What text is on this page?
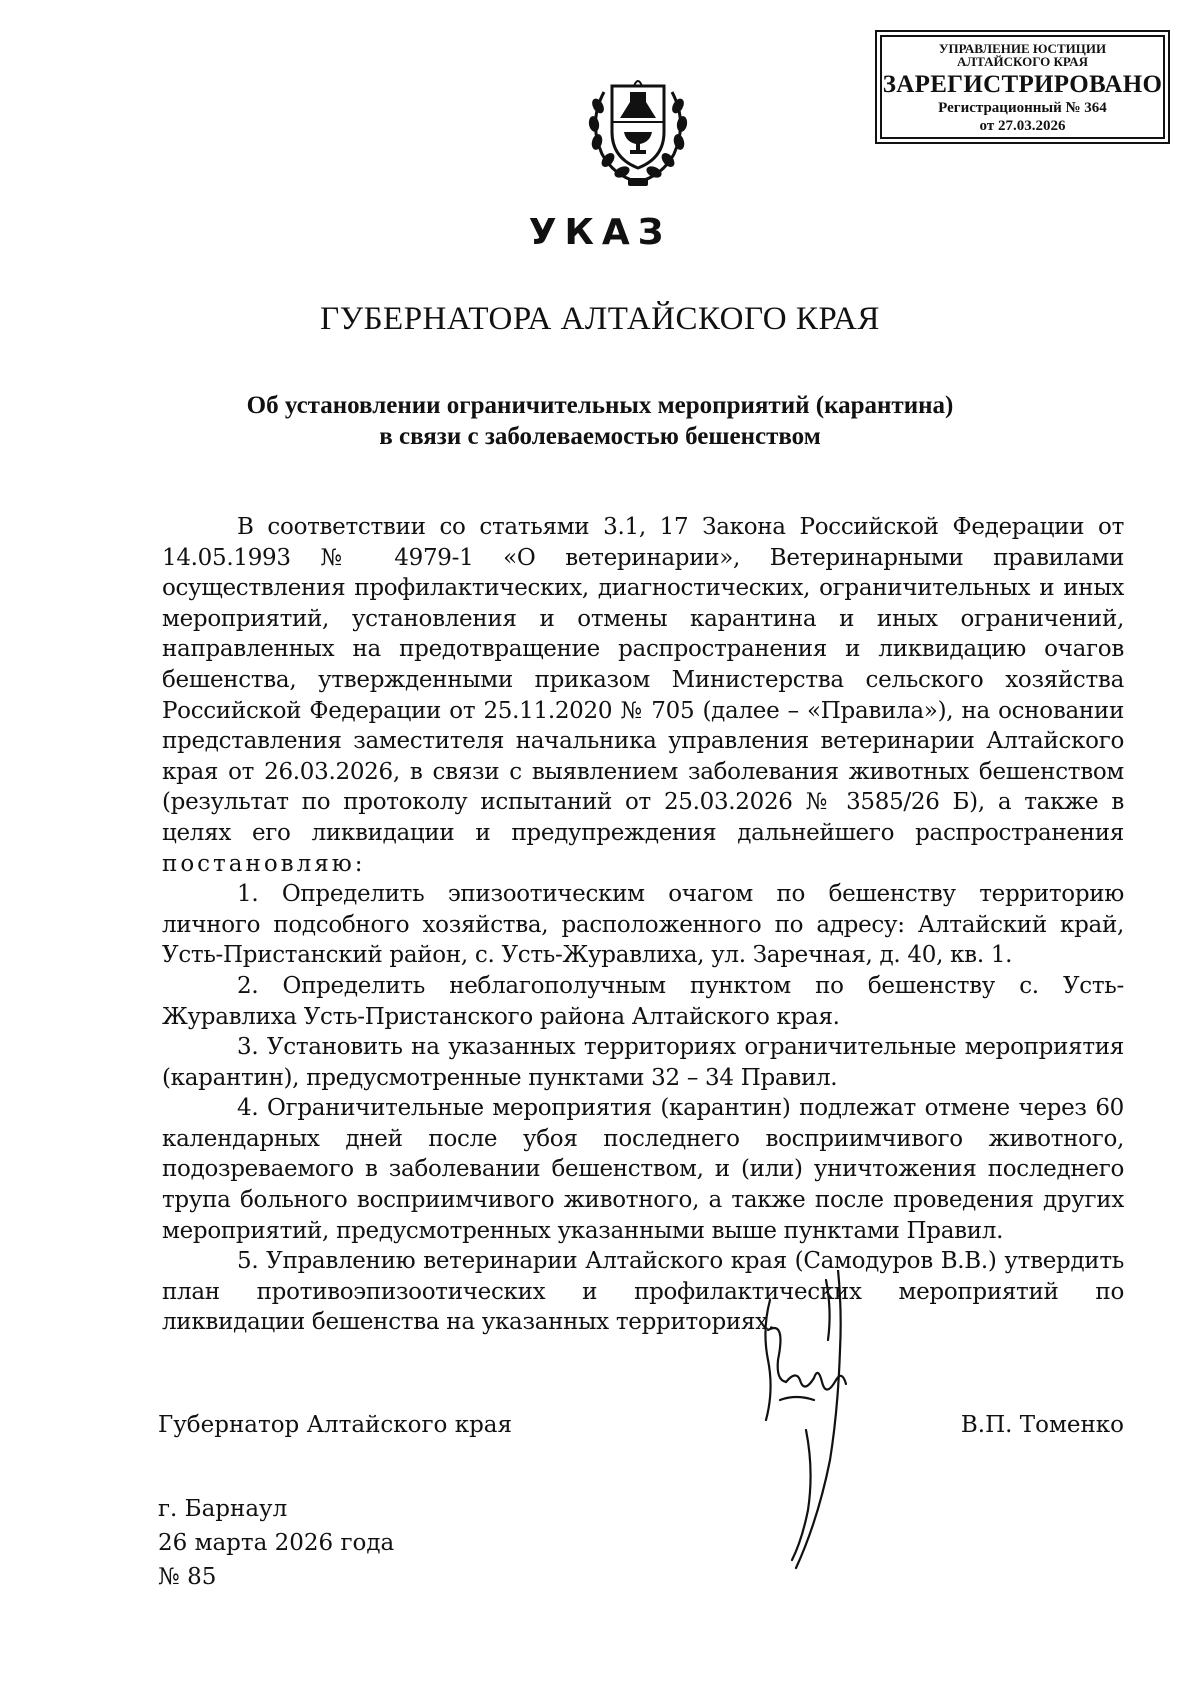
УПРАВЛЕНИЕ ЮСТИЦИИ
АЛТАЙСКОГО КРАЯ
ЗАРЕГИСТРИРОВАНО
Регистрационный № 364
от 27.03.2026
УКАЗ
ГУБЕРНАТОРА АЛТАЙСКОГО КРАЯ
Об установлении ограничительных мероприятий (карантина)
в связи с заболеваемостью бешенством

В соответствии со статьями 3.1, 17 Закона Российской Федерации от 14.05.1993 № 4979-1 «О ветеринарии», Ветеринарными правилами осуществления профилактических, диагностических, ограничительных и иных мероприятий, установления и отмены карантина и иных ограничений, направленных на предотвращение распространения и ликвидацию очагов бешенства, утвержденными приказом Министерства сельского хозяйства Российской Федерации от 25.11.2020 № 705 (далее – «Правила»), на основании представления заместителя начальника управления ветеринарии Алтайского края от 26.03.2026, в связи с выявлением заболевания животных бешенством (результат по протоколу испытаний от 25.03.2026 № 3585/26 Б), а также в целях его ликвидации и предупреждения дальнейшего распространения постановляю:

1. Определить эпизоотическим очагом по бешенству территорию личного подсобного хозяйства, расположенного по адресу: Алтайский край, Усть-Пристанский район, с. Усть-Журавлиха, ул. Заречная, д. 40, кв. 1.

2. Определить неблагополучным пунктом по бешенству с. Усть-Журавлиха Усть-Пристанского района Алтайского края.

3. Установить на указанных территориях ограничительные мероприятия (карантин), предусмотренные пунктами 32 – 34 Правил.

4. Ограничительные мероприятия (карантин) подлежат отмене через 60 календарных дней после убоя последнего восприимчивого животного, подозреваемого в заболевании бешенством, и (или) уничтожения последнего трупа больного восприимчивого животного, а также после проведения других мероприятий, предусмотренных указанными выше пунктами Правил.

5. Управлению ветеринарии Алтайского края (Самодуров В.В.) утвердить план противоэпизоотических и профилактических мероприятий по ликвидации бешенства на указанных территориях.

Губернатор Алтайского края	В.П. Томенко
г. Барнаул
26 марта 2026 года
№ 85
